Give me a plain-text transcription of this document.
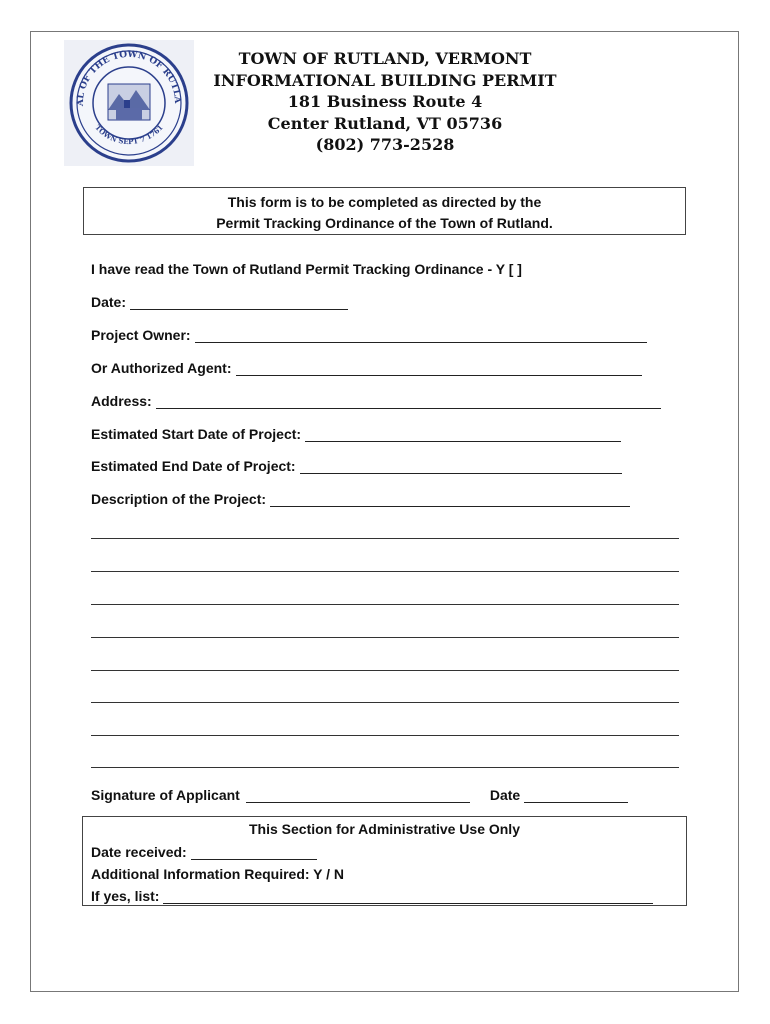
AL OF THE TOWN OF RUTLA
TOWN SEPT 7 1761
TOWN OF RUTLAND, VERMONT
INFORMATIONAL BUILDING PERMIT
181 Business Route 4
Center Rutland, VT 05736
(802) 773-2528
This form is to be completed as directed by the
Permit Tracking Ordinance of the Town of Rutland.
I have read the Town of Rutland Permit Tracking Ordinance - Y [ ]
Date:
Project Owner:
Or Authorized Agent:
Address:
Estimated Start Date of Project:
Estimated End Date of Project:
Description of the Project:
Signature of Applicant	Date
This Section for Administrative Use Only
Date received:
Additional Information Required: Y / N
If yes, list:
